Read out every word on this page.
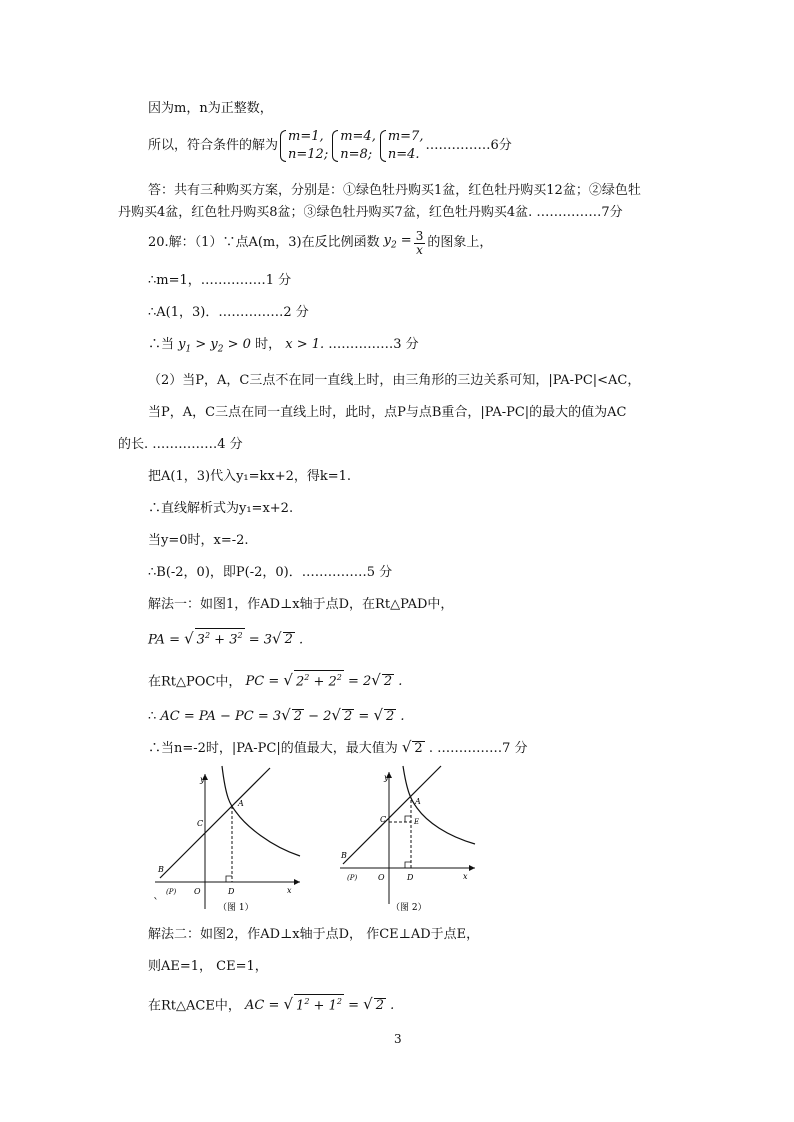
因为m，n为正整数，
所以，符合条件的解为
m=1,
n=12;
m=4,
n=8;
m=7,
n=4.
……………6分
答：共有三种购买方案，分别是：①绿色牡丹购买1盆，红色牡丹购买12盆；②绿色牡
丹购买4盆，红色牡丹购买8盆；③绿色牡丹购买7盆，红色牡丹购买4盆. ……………7分
20.解：（1）∵点A(m，3)在反比例函数 $y_2 = \frac{3}{x}$ 的图象上，
∴m=1，……………1 分
∴A(1，3)．……………2 分
∴当 $y_1 > y_2 > 0$ 时， x > 1. ……………3 分
（2）当P，A，C三点不在同一直线上时，由三角形的三边关系可知，|PA-PC|<AC，
当P，A，C三点在同一直线上时，此时，点P与点B重合，|PA-PC|的最大的值为AC
的长. ……………4 分
把A(1，3)代入y₁=kx+2，得k=1.
∴直线解析式为y₁=x+2.
当y=0时，x=-2.
∴B(-2，0)，即P(-2，0)．……………5 分
解法一：如图1，作AD⊥x轴于点D，在Rt△PAD中，
PA = √ $3^2 + 3^2 = 3√$ 2 .
在Rt△POC中， PC = √ $2^2 + 2^2 = 2√$ 2 .
∴ AC = PA − PC = 3√ 2 − 2√ 2 = √ 2 .
∴当n=-2时，|PA-PC|的值最大，最大值为 √ 2 . ……………7 分
y
x
A
C
B
(P) O	D
（图 1）
`
y
x
A
C	E
B
(P)	O	D
（图 2）
解法二：如图2，作AD⊥x轴于点D， 作CE⊥AD于点E，
则AE=1， CE=1，
在Rt△ACE中， AC = √ $1^2 + 1^2$ = √ 2 .
3
